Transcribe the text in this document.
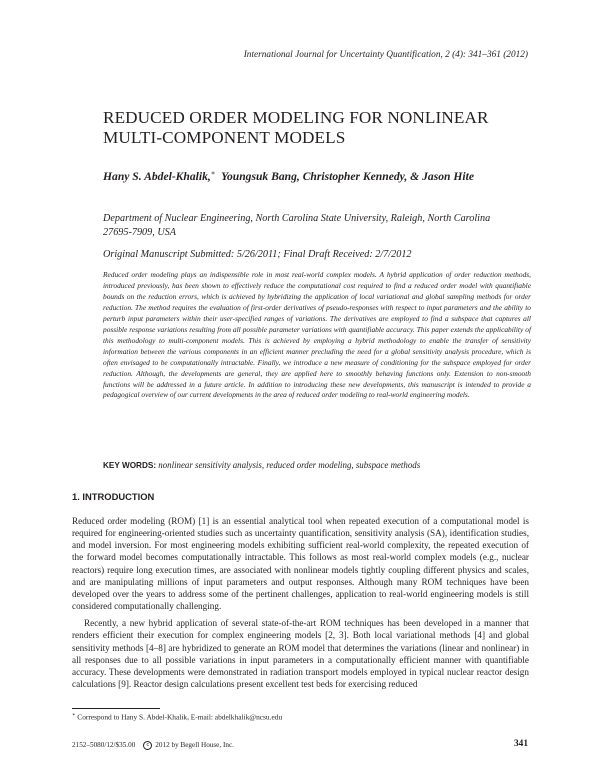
International Journal for Uncertainty Quantification, 2 (4): 341–361 (2012)
REDUCED ORDER MODELING FOR NONLINEAR
MULTI-COMPONENT MODELS
Hany S. Abdel-Khalik,∗ Youngsuk Bang, Christopher Kennedy, & Jason Hite
Department of Nuclear Engineering, North Carolina State University, Raleigh, North Carolina
27695-7909, USA
Original Manuscript Submitted: 5/26/2011; Final Draft Received: 2/7/2012
Reduced order modeling plays an indispensible role in most real-world complex models. A hybrid application of order reduction methods, introduced previously, has been shown to effectively reduce the computational cost required to find a reduced order model with quantifiable bounds on the reduction errors, which is achieved by hybridizing the application of local variational and global sampling methods for order reduction. The method requires the evaluation of first-order derivatives of pseudo-responses with respect to input parameters and the ability to perturb input parameters within their user-specified ranges of variations. The derivatives are employed to find a subspace that captures all possible response variations resulting from all possible parameter variations with quantifiable accuracy. This paper extends the applicability of this methodology to multi-component models. This is achieved by employing a hybrid methodology to enable the transfer of sensitivity information between the various components in an efficient manner precluding the need for a global sensitivity analysis procedure, which is often envisaged to be computationally intractable. Finally, we introduce a new measure of conditioning for the subspace employed for order reduction. Although, the developments are general, they are applied here to smoothly behaving functions only. Extension to non-smooth functions will be addressed in a future article. In addition to introducing these new developments, this manuscript is intended to provide a pedagogical overview of our current developments in the area of reduced order modeling to real-world engineering models.
KEY WORDS: nonlinear sensitivity analysis, reduced order modeling, subspace methods
1. INTRODUCTION

Reduced order modeling (ROM) [1] is an essential analytical tool when repeated execution of a computational model is required for engineering-oriented studies such as uncertainty quantification, sensitivity analysis (SA), identification studies, and model inversion. For most engineering models exhibiting sufficient real-world complexity, the repeated execution of the forward model becomes computationally intractable. This follows as most real-world complex models (e.g., nuclear reactors) require long execution times, are associated with nonlinear models tightly coupling different physics and scales, and are manipulating millions of input parameters and output responses. Although many ROM techniques have been developed over the years to address some of the pertinent challenges, application to real-world engineering models is still considered computationally challenging.

Recently, a new hybrid application of several state-of-the-art ROM techniques has been developed in a manner that renders efficient their execution for complex engineering models [2, 3]. Both local variational methods [4] and global sensitivity methods [4–8] are hybridized to generate an ROM model that determines the variations (linear and nonlinear) in all responses due to all possible variations in input parameters in a computationally efficient manner with quantifiable accuracy. These developments were demonstrated in radiation transport models employed in typical nuclear reactor design calculations [9]. Reactor design calculations present excellent test beds for exercising reduced

∗ Correspond to Hany S. Abdel-Khalik, E-mail: abdelkhalik@ncsu.edu
2152–5080/12/$35.00 c 2012 by Begell House, Inc.	341
